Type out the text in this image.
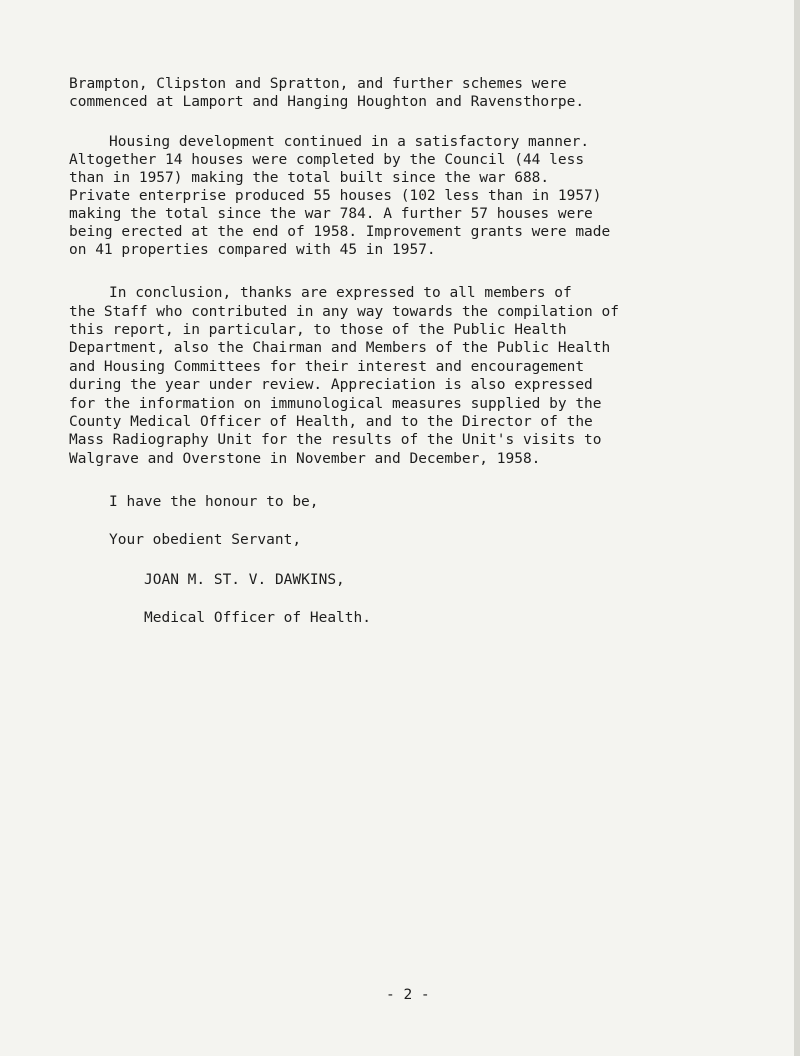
Brampton, Clipston and Spratton, and further schemes were
commenced at Lamport and Hanging Houghton and Ravensthorpe.
Housing development continued in a satisfactory manner.
Altogether 14 houses were completed by the Council (44 less
than in 1957) making the total built since the war 688.
Private enterprise produced 55 houses (102 less than in 1957)
making the total since the war 784. A further 57 houses were
being erected at the end of 1958. Improvement grants were made
on 41 properties compared with 45 in 1957.
In conclusion, thanks are expressed to all members of
the Staff who contributed in any way towards the compilation of
this report, in particular, to those of the Public Health
Department, also the Chairman and Members of the Public Health
and Housing Committees for their interest and encouragement
during the year under review. Appreciation is also expressed
for the information on immunological measures supplied by the
County Medical Officer of Health, and to the Director of the
Mass Radiography Unit for the results of the Unit's visits to
Walgrave and Overstone in November and December, 1958.
I have the honour to be,
Your obedient Servant,
JOAN M. ST. V. DAWKINS,
Medical Officer of Health.
- 2 -
